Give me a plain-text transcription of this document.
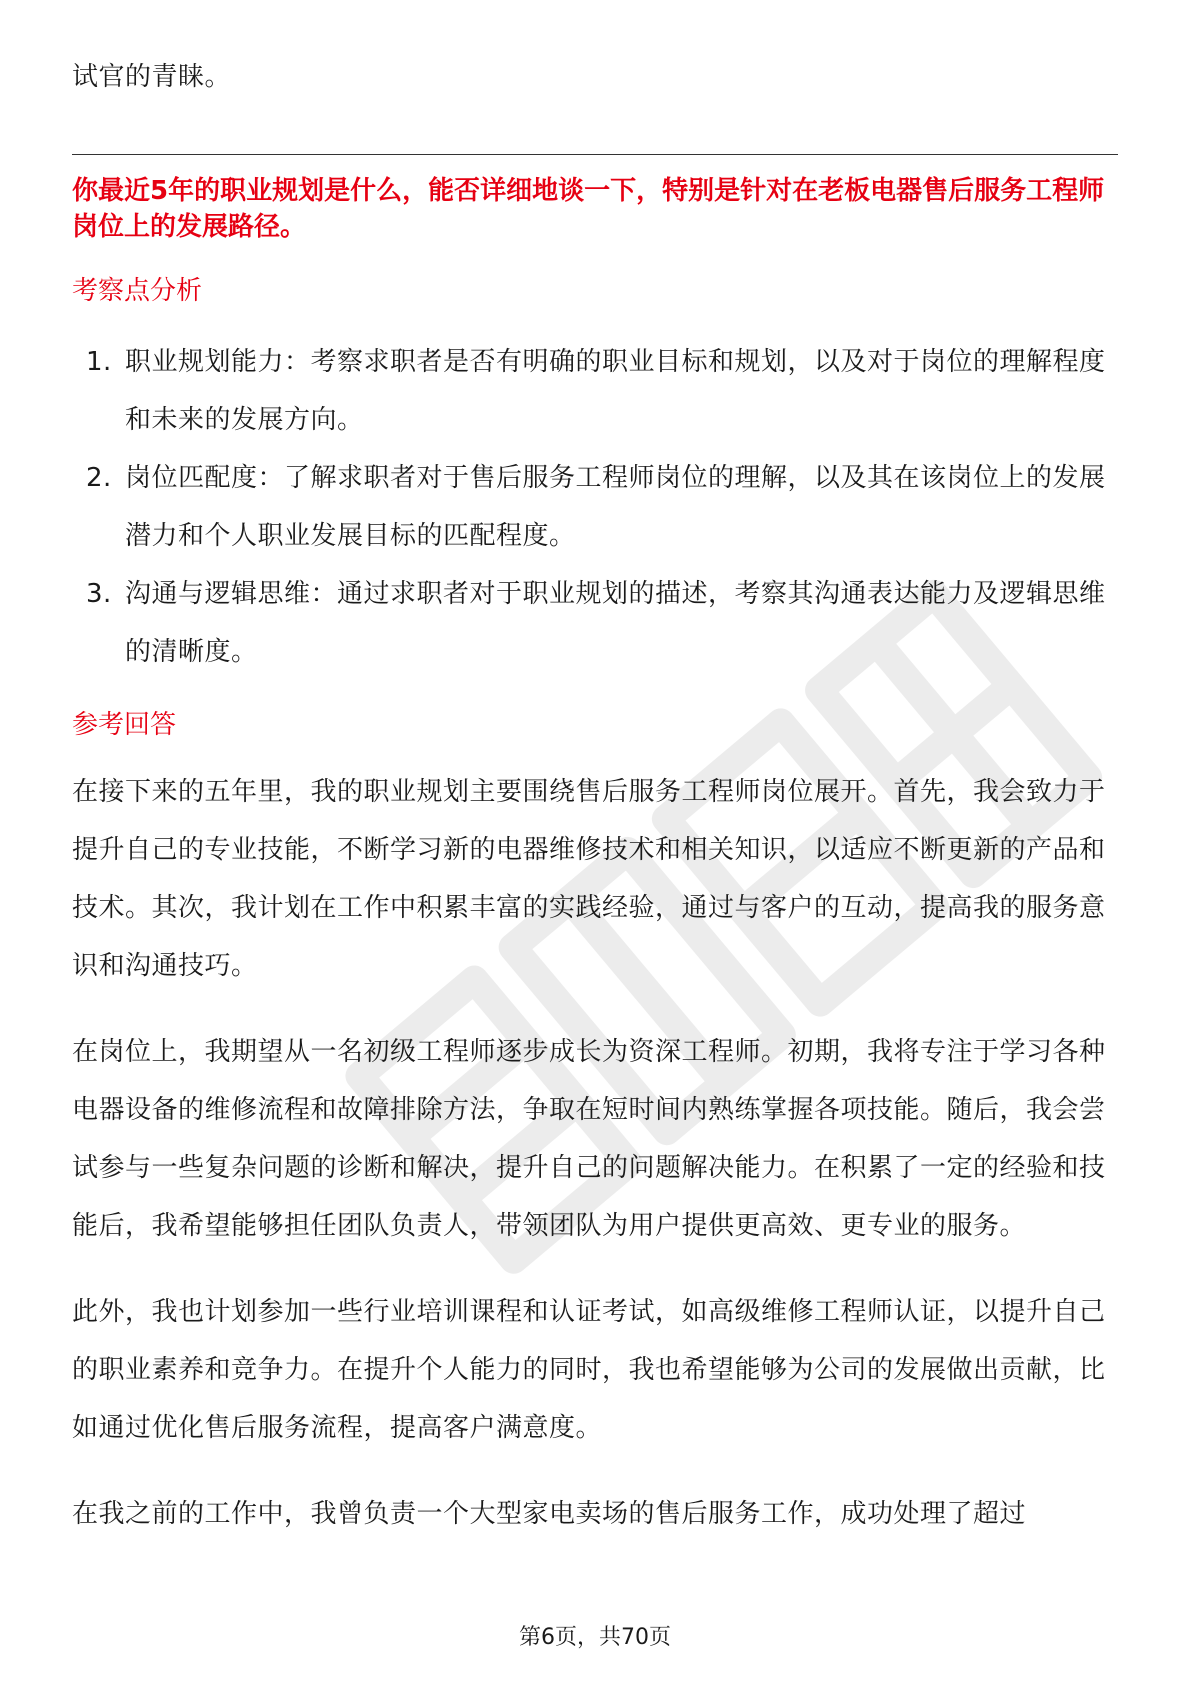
试官的青睐。

你最近5年的职业规划是什么，能否详细地谈一下，特别是针对在老板电器售后服务工程师岗位上的发展路径。

考察点分析
1. 职业规划能力：考察求职者是否有明确的职业目标和规划，以及对于岗位的理解程度和未来的发展方向。
2. 岗位匹配度：了解求职者对于售后服务工程师岗位的理解，以及其在该岗位上的发展潜力和个人职业发展目标的匹配程度。
3. 沟通与逻辑思维：通过求职者对于职业规划的描述，考察其沟通表达能力及逻辑思维的清晰度。
参考回答

在接下来的五年里，我的职业规划主要围绕售后服务工程师岗位展开。首先，我会致力于提升自己的专业技能，不断学习新的电器维修技术和相关知识，以适应不断更新的产品和技术。其次，我计划在工作中积累丰富的实践经验，通过与客户的互动，提高我的服务意识和沟通技巧。

在岗位上，我期望从一名初级工程师逐步成长为资深工程师。初期，我将专注于学习各种电器设备的维修流程和故障排除方法，争取在短时间内熟练掌握各项技能。随后，我会尝试参与一些复杂问题的诊断和解决，提升自己的问题解决能力。在积累了一定的经验和技能后，我希望能够担任团队负责人，带领团队为用户提供更高效、更专业的服务。

此外，我也计划参加一些行业培训课程和认证考试，如高级维修工程师认证，以提升自己的职业素养和竞争力。在提升个人能力的同时，我也希望能够为公司的发展做出贡献，比如通过优化售后服务流程，提高客户满意度。

在我之前的工作中，我曾负责一个大型家电卖场的售后服务工作，成功处理了超过

第6页，共70页
